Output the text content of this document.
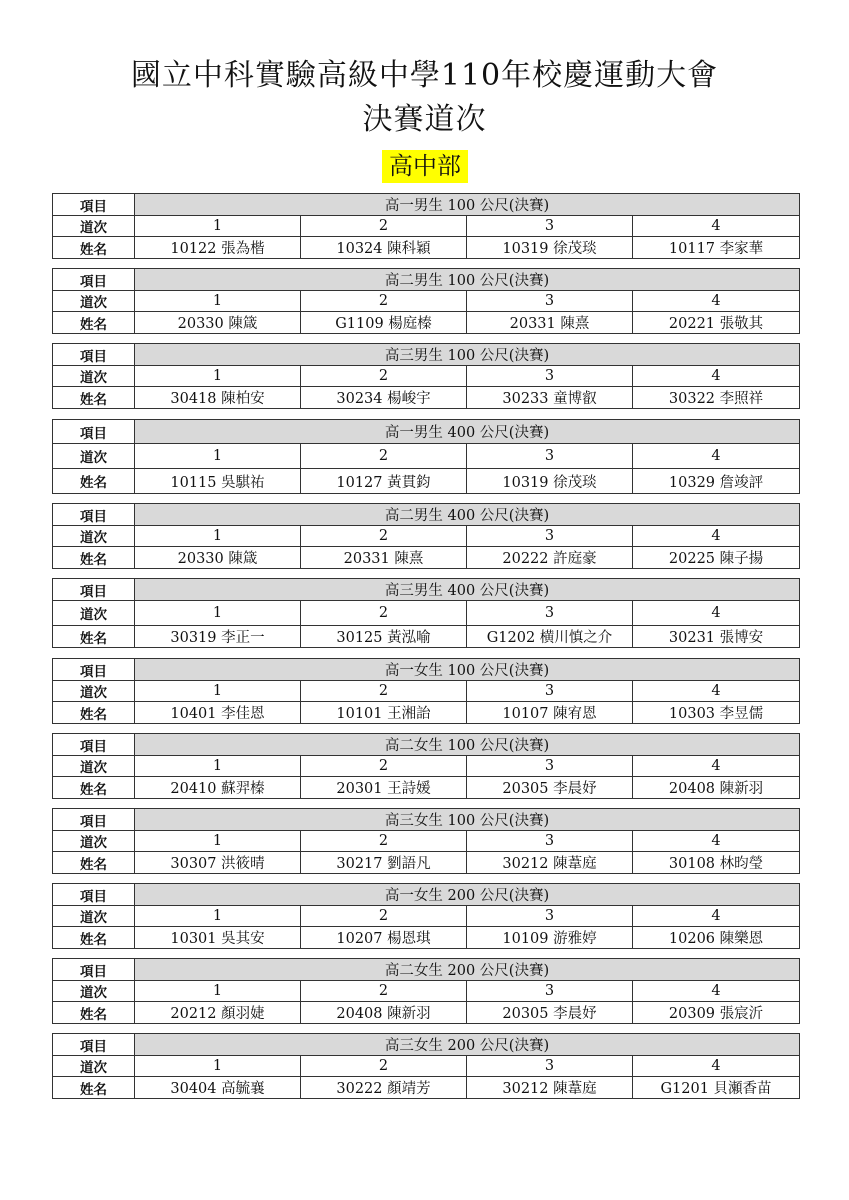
國立中科實驗高級中學110年校慶運動大會
決賽道次
高中部
項目	高一男生 100 公尺(決賽)			
道次	1	2	3	4
姓名	10122 張為楷	10324 陳科穎	10319 徐茂琰	10117 李家華
項目	高二男生 100 公尺(決賽)			
道次	1	2	3	4
姓名	20330 陳箴	G1109 楊庭榛	20331 陳熹	20221 張敬其
項目	高三男生 100 公尺(決賽)			
道次	1	2	3	4
姓名	30418 陳柏安	30234 楊峻宇	30233 童博叡	30322 李照祥
項目	高一男生 400 公尺(決賽)			
道次	1	2	3	4
姓名	10115 吳騏祐	10127 黃貫鈞	10319 徐茂琰	10329 詹竣評
項目	高二男生 400 公尺(決賽)			
道次	1	2	3	4
姓名	20330 陳箴	20331 陳熹	20222 許庭豪	20225 陳子揚
項目	高三男生 400 公尺(決賽)			
道次	1	2	3	4
姓名	30319 李正一	30125 黃泓喻	G1202 横川慎之介	30231 張博安
項目	高一女生 100 公尺(決賽)			
道次	1	2	3	4
姓名	10401 李佳恩	10101 王湘詒	10107 陳宥恩	10303 李昱儒
項目	高二女生 100 公尺(決賽)			
道次	1	2	3	4
姓名	20410 蘇羿榛	20301 王詩媛	20305 李晨妤	20408 陳新羽
項目	高三女生 100 公尺(決賽)			
道次	1	2	3	4
姓名	30307 洪筱晴	30217 劉語凡	30212 陳葦庭	30108 林昀瑩
項目	高一女生 200 公尺(決賽)			
道次	1	2	3	4
姓名	10301 吳其安	10207 楊恩琪	10109 游雅婷	10206 陳樂恩
項目	高二女生 200 公尺(決賽)			
道次	1	2	3	4
姓名	20212 顏羽婕	20408 陳新羽	20305 李晨妤	20309 張宸沂
項目	高三女生 200 公尺(決賽)			
道次	1	2	3	4
姓名	30404 高毓襄	30222 顏靖芳	30212 陳葦庭	G1201 貝瀬香苗
